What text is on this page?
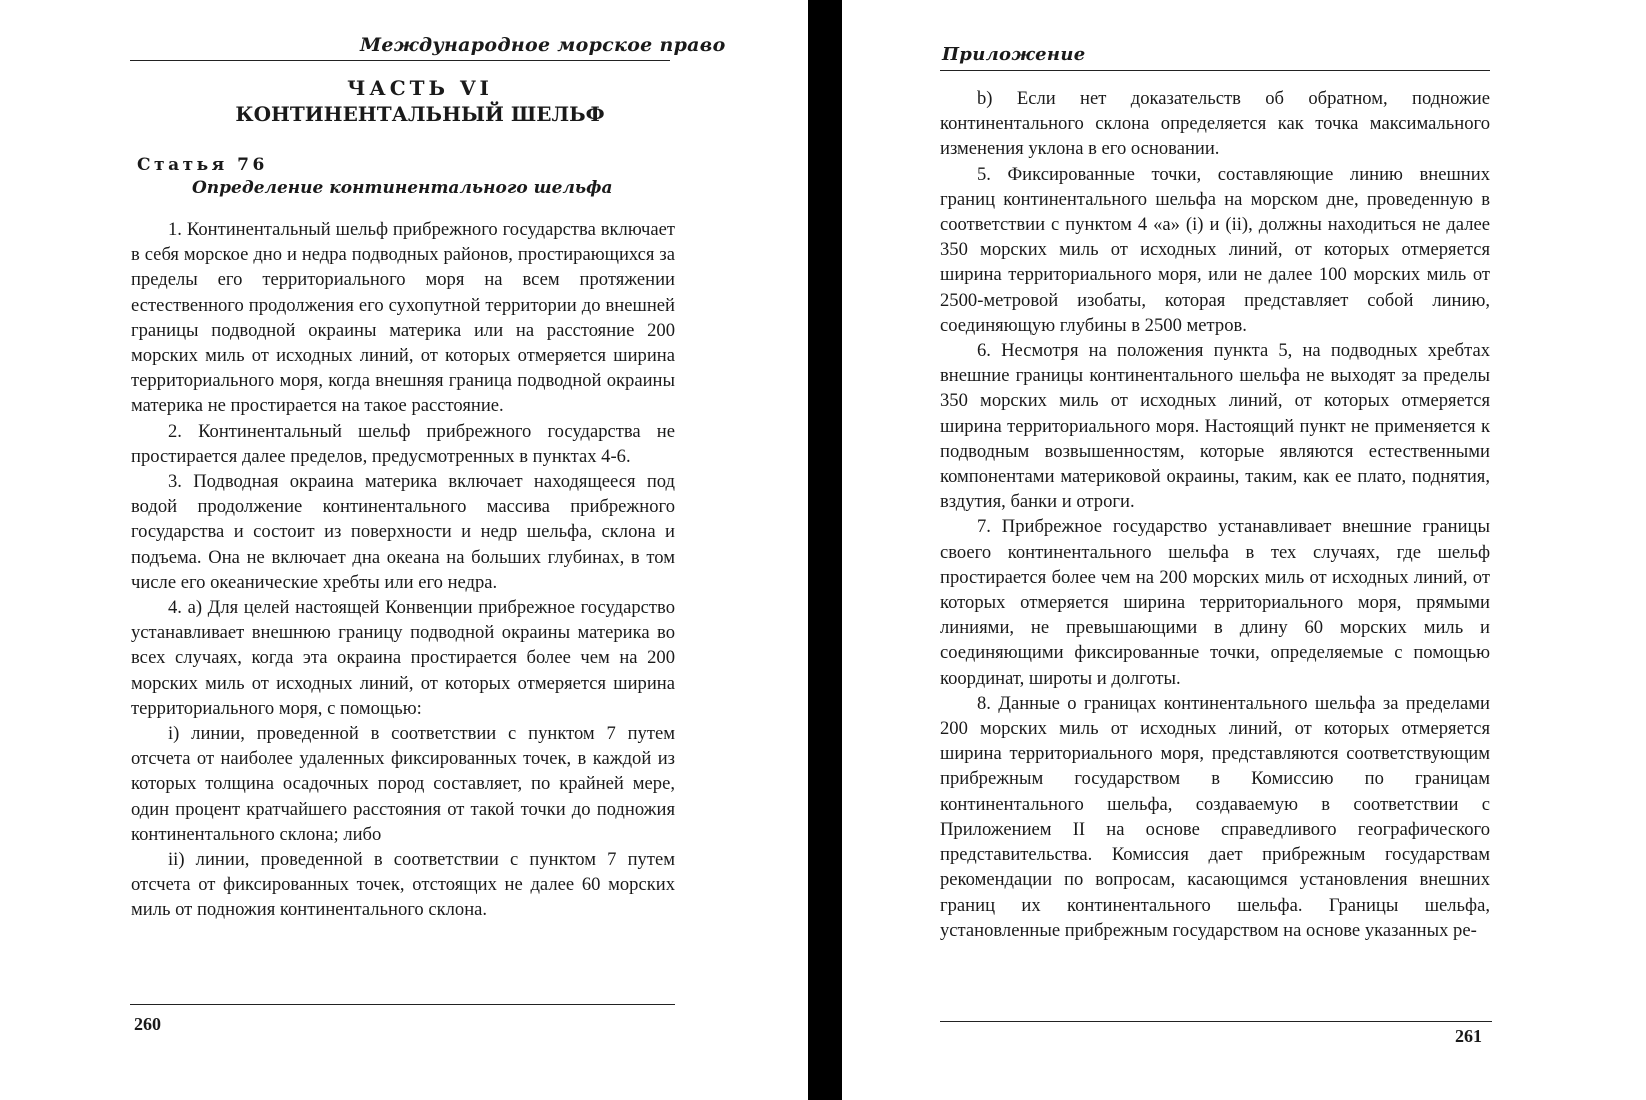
Международное морское право
ЧАСТЬ VI
КОНТИНЕНТАЛЬНЫЙ ШЕЛЬФ
Статья 76
Определение континентального шельфа

1. Континентальный шельф прибрежного государства включает в себя морское дно и недра подводных районов, простирающихся за пределы его территориального моря на всем протяжении естественного продолжения его сухопутной территории до внешней границы подводной окраины материка или на расстояние 200 морских миль от исходных линий, от которых отмеряется ширина территориального моря, когда внешняя граница подводной окраины материка не простирается на такое расстояние.

2. Континентальный шельф прибрежного государства не простирается далее пределов, предусмотренных в пунктах 4-6.

3. Подводная окраина материка включает находящееся под водой продолжение континентального массива прибрежного государства и состоит из поверхности и недр шельфа, склона и подъема. Она не включает дна океана на больших глубинах, в том числе его океанические хребты или его недра.

4. а) Для целей настоящей Конвенции прибрежное государство устанавливает внешнюю границу подводной окраины материка во всех случаях, когда эта окраина простирается более чем на 200 морских миль от исходных линий, от которых отмеряется ширина территориального моря, с помощью:

i) линии, проведенной в соответствии с пунктом 7 путем отсчета от наиболее удаленных фиксированных точек, в каждой из которых толщина осадочных пород составляет, по крайней мере, один процент кратчайшего расстояния от такой точки до подножия континентального склона; либо

ii) линии, проведенной в соответствии с пунктом 7 путем отсчета от фиксированных точек, отстоящих не далее 60 морских миль от подножия континентального склона.

260
Приложение

b) Если нет доказательств об обратном, подножие континентального склона определяется как точка максимального изменения уклона в его основании.

5. Фиксированные точки, составляющие линию внешних границ континентального шельфа на морском дне, проведенную в соответствии с пунктом 4 «а» (i) и (ii), должны находиться не далее 350 морских миль от исходных линий, от которых отмеряется ширина территориального моря, или не далее 100 морских миль от 2500-метровой изобаты, которая представляет собой линию, соединяющую глубины в 2500 метров.

6. Несмотря на положения пункта 5, на подводных хребтах внешние границы континентального шельфа не выходят за пределы 350 морских миль от исходных линий, от которых отмеряется ширина территориального моря. Настоящий пункт не применяется к подводным возвышенностям, которые являются естественными компонентами материковой окраины, таким, как ее плато, поднятия, вздутия, банки и отроги.

7. Прибрежное государство устанавливает внешние границы своего континентального шельфа в тех случаях, где шельф простирается более чем на 200 морских миль от исходных линий, от которых отмеряется ширина территориального моря, прямыми линиями, не превышающими в длину 60 морских миль и соединяющими фиксированные точки, определяемые с помощью координат, широты и долготы.

8. Данные о границах континентального шельфа за пределами 200 морских миль от исходных линий, от которых отмеряется ширина территориального моря, представляются соответствующим прибрежным государством в Комиссию по границам континентального шельфа, создаваемую в соответствии с Приложением II на основе справедливого географического представительства. Комиссия дает прибрежным государствам рекомендации по вопросам, касающимся установления внешних границ их континентального шельфа. Границы шельфа, установленные прибрежным государством на основе указанных ре-

261
